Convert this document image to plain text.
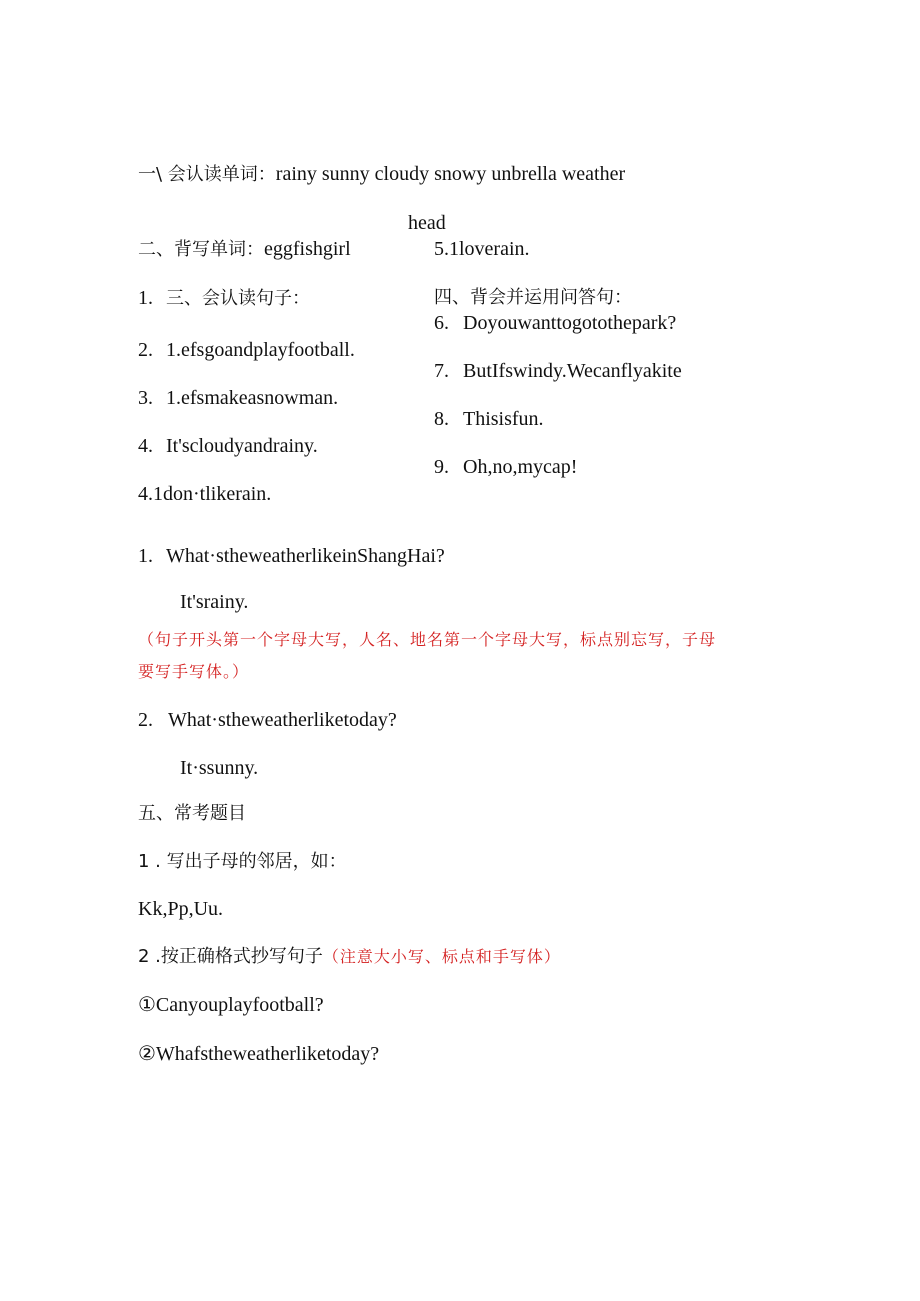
一\ 会认读单词：rainy sunny cloudy snowy unbrella weather
head
二、背写单词：eggfishgirl
1. 三、会认读句子：
2. 1.efsgoandplayfootball.
3. 1.efsmakeasnowman.
4. It'scloudyandrainy.
4.1don·tlikerain.
5.1loverain.
四、背会并运用问答句：
6. Doyouwanttogotothepark?
7. ButIfswindy.Wecanflyakite
8. Thisisfun.
9. Oh,no,mycap!
1. What·stheweatherlikeinShangHai?
It'srainy.
（句子开头第一个字母大写，人名、地名第一个字母大写，标点别忘写，子母
要写手写体。）
2. What·stheweatherliketoday?
It·ssunny.
五、常考题目
1 . 写出子母的邻居，如：
Kk,Pp,Uu.
2 .按正确格式抄写句子（注意大小写、标点和手写体）
①Canyouplayfootball?
②Whafstheweatherliketoday?
